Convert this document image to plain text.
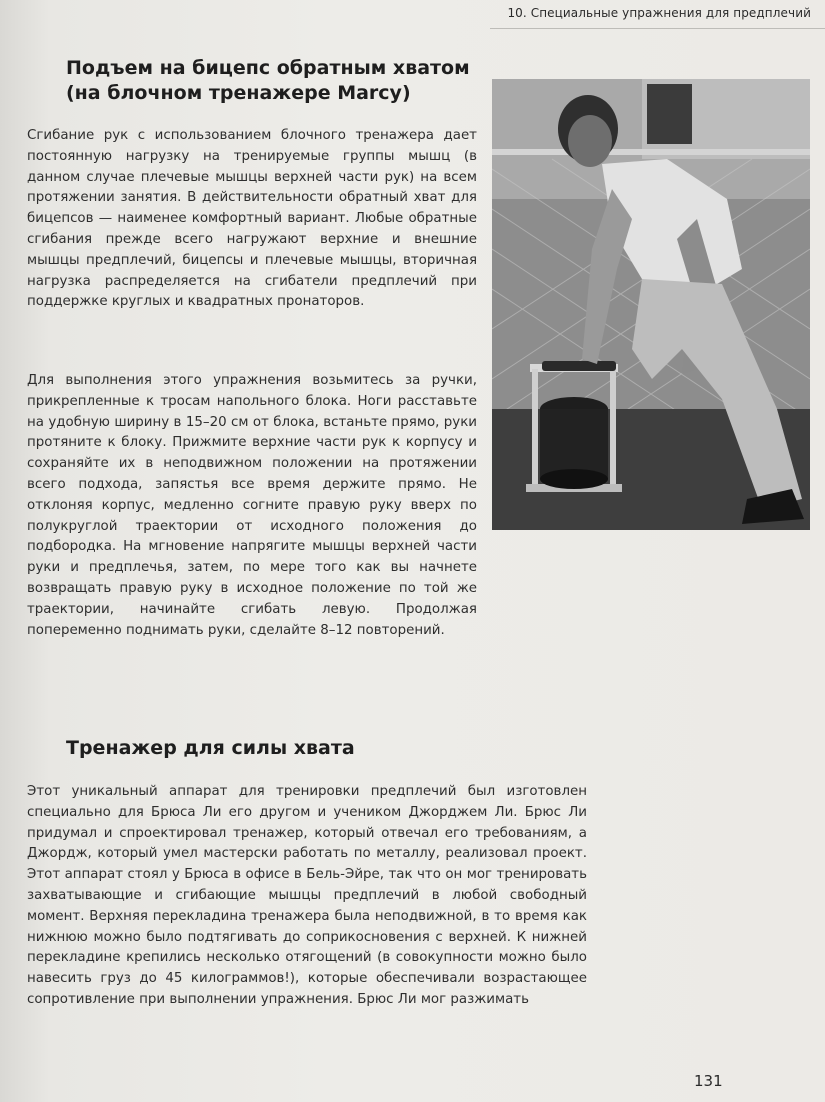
10. Специальные упражнения для предплечий
Подъем на бицепс обратным хватом
(на блочном тренажере Marcy)

Сгибание рук с использованием блочного тренажера дает постоянную нагрузку на тренируемые группы мышц (в данном случае плечевые мышцы верхней части рук) на всем протяжении занятия. В действительности обратный хват для бицепсов — наименее комфортный вариант. Любые обратные сгибания прежде всего нагружают верхние и внешние мышцы предплечий, бицепсы и плечевые мышцы, вторичная нагрузка распределяется на сгибатели предплечий при поддержке круглых и квадратных пронаторов.

Для выполнения этого упражнения возьмитесь за ручки, прикрепленные к тросам напольного блока. Ноги расставьте на удобную ширину в 15–20 см от блока, встаньте прямо, руки протяните к блоку. Прижмите верхние части рук к корпусу и сохраняйте их в неподвижном положении на протяжении всего подхода, запястья все время держите прямо. Не отклоняя корпус, медленно согните правую руку вверх по полукруглой траектории от исходного положения до подбородка. На мгновение напрягите мышцы верхней части руки и предплечья, затем, по мере того как вы начнете возвращать правую руку в исходное положение по той же траектории, начинайте сгибать левую. Продолжая попеременно поднимать руки, сделайте 8–12 повторений.

Тренажер для силы хвата

Этот уникальный аппарат для тренировки предплечий был изготовлен специально для Брюса Ли его другом и учеником Джорджем Ли. Брюс Ли придумал и спроектировал тренажер, который отвечал его требованиям, а Джордж, который умел мастерски работать по металлу, реализовал проект. Этот аппарат стоял у Брюса в офисе в Бель-Эйре, так что он мог тренировать захватывающие и сгибающие мышцы предплечий в любой свободный момент. Верхняя перекладина тренажера была неподвижной, в то время как нижнюю можно было подтягивать до соприкосновения с верхней. К нижней перекладине крепились несколько отягощений (в совокупности можно было навесить груз до 45 килограммов!), которые обеспечивали возрастающее сопротивление при выполнении упражнения. Брюс Ли мог разжимать

131
